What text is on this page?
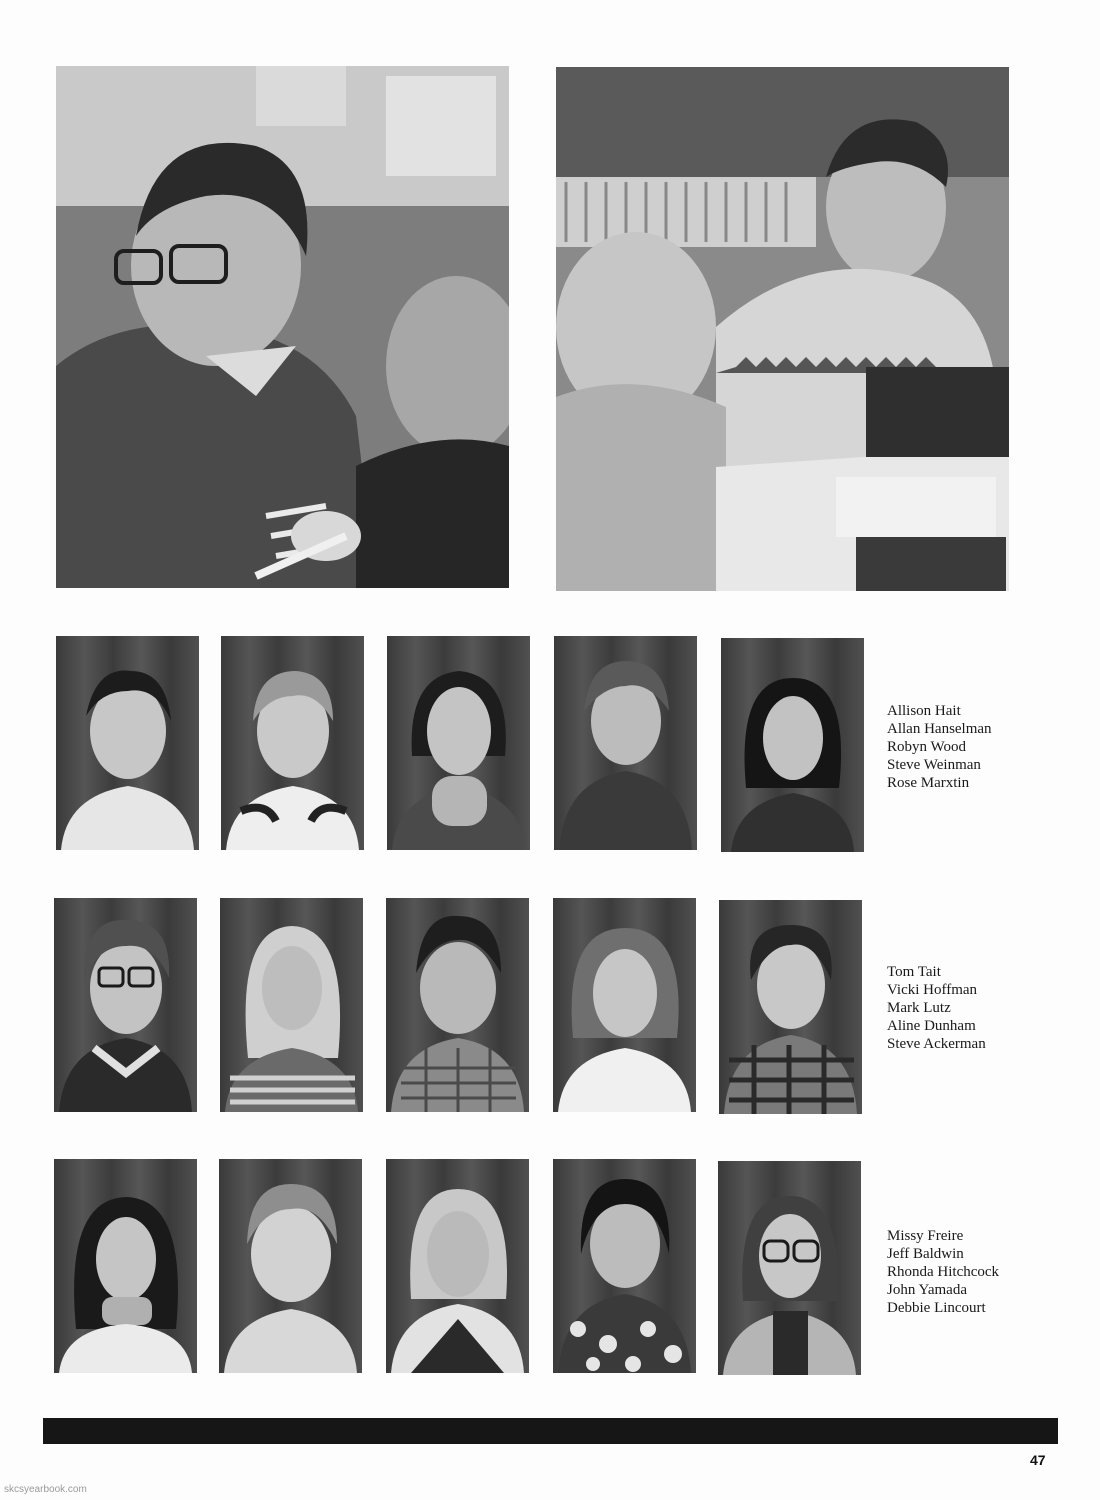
Allison Hait
Allan Hanselman
Robyn Wood
Steve Weinman
Rose Marxtin
Tom Tait
Vicki Hoffman
Mark Lutz
Aline Dunham
Steve Ackerman
Missy Freire
Jeff Baldwin
Rhonda Hitchcock
John Yamada
Debbie Lincourt
47
skcsyearbook.com
